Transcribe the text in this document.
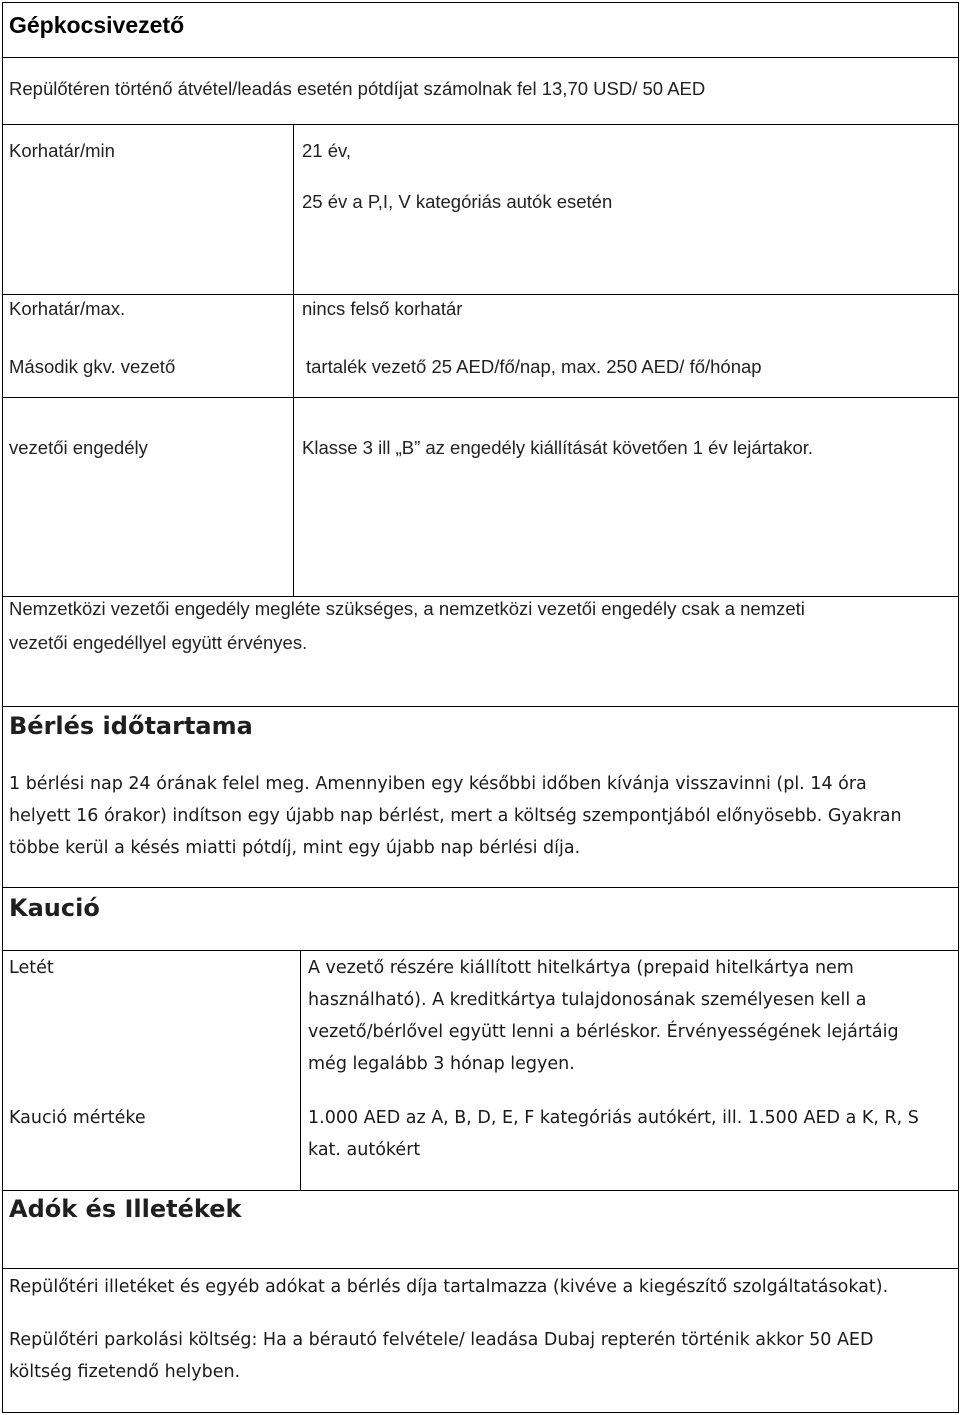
Gépkocsivezető
Repülőtéren történő átvétel/leadás esetén pótdíjat számolnak fel 13,70 USD/ 50 AED
Korhatár/min	21 év,
25 év a P,I, V kategóriás autók esetén
Korhatár/max.	nincs felső korhatár
Második gkv. vezető	tartalék vezető 25 AED/fő/nap, max. 250 AED/ fő/hónap
vezetői engedély	Klasse 3 ill „B” az engedély kiállítását követően 1 év lejártakor.
Nemzetközi vezetői engedély megléte szükséges, a nemzetközi vezetői engedély csak a nemzeti
vezetői engedéllyel együtt érvényes.
Bérlés időtartama
1 bérlési nap 24 órának felel meg. Amennyiben egy későbbi időben kívánja visszavinni (pl. 14 óra
helyett 16 órakor) indítson egy újabb nap bérlést, mert a költség szempontjából előnyösebb. Gyakran
többe kerül a késés miatti pótdíj, mint egy újabb nap bérlési díja.
Kaució
Letét	A vezető részére kiállított hitelkártya (prepaid hitelkártya nem
használható). A kreditkártya tulajdonosának személyesen kell a
vezető/bérlővel együtt lenni a bérléskor. Érvényességének lejártáig
még legalább 3 hónap legyen.
Kaució mértéke	1.000 AED az A, B, D, E, F kategóriás autókért, ill. 1.500 AED a K, R, S
kat. autókért
Adók és Illetékek
Repülőtéri illetéket és egyéb adókat a bérlés díja tartalmazza (kivéve a kiegészítő szolgáltatásokat).
Repülőtéri parkolási költség: Ha a bérautó felvétele/ leadása Dubaj repterén történik akkor 50 AED
költség fizetendő helyben.
